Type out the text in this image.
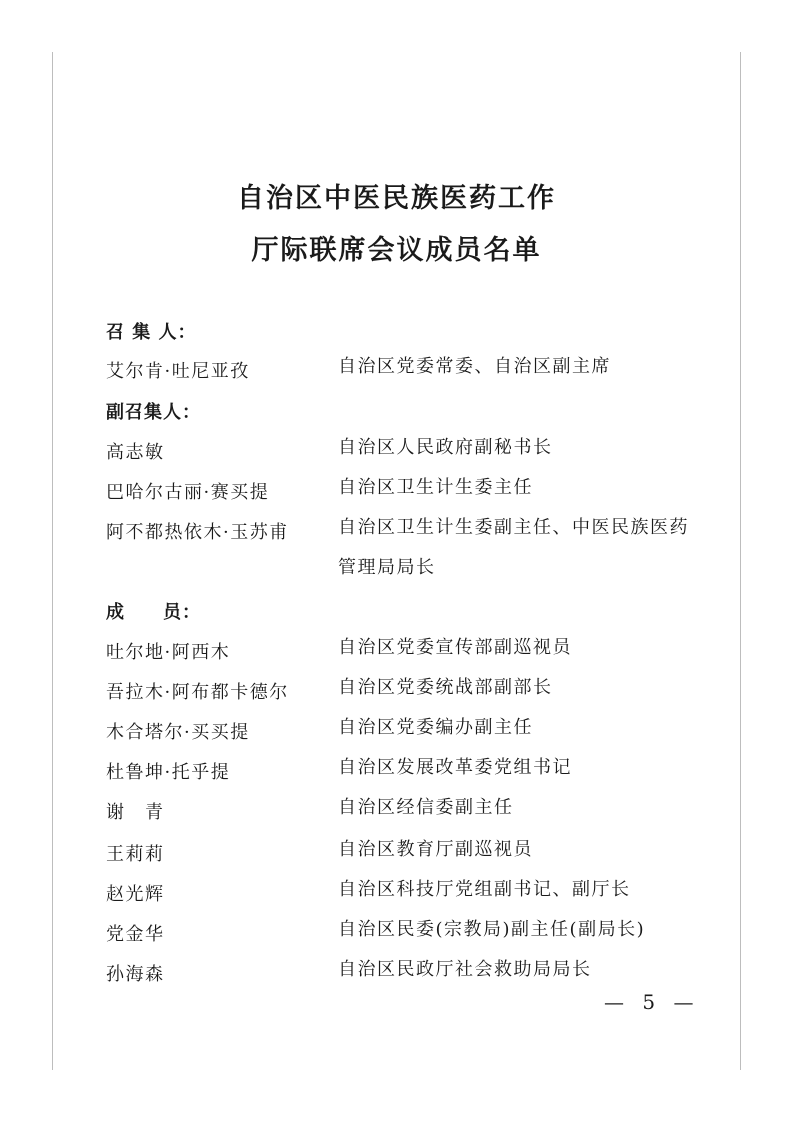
自治区中医民族医药工作
厅际联席会议成员名单
召 集 人：
艾尔肯·吐尼亚孜	自治区党委常委、自治区副主席
副召集人：
高志敏	自治区人民政府副秘书长
巴哈尔古丽·赛买提	自治区卫生计生委主任
阿不都热依木·玉苏甫	自治区卫生计生委副主任、中医民族医药管理局局长
成　　员：
吐尔地·阿西木	自治区党委宣传部副巡视员
吾拉木·阿布都卡德尔	自治区党委统战部副部长
木合塔尔·买买提	自治区党委编办副主任
杜鲁坤·托乎提	自治区发展改革委党组书记
谢　青	自治区经信委副主任
王莉莉	自治区教育厅副巡视员
赵光辉	自治区科技厅党组副书记、副厅长
党金华	自治区民委(宗教局)副主任(副局长)
孙海森	自治区民政厅社会救助局局长
— 5 —
